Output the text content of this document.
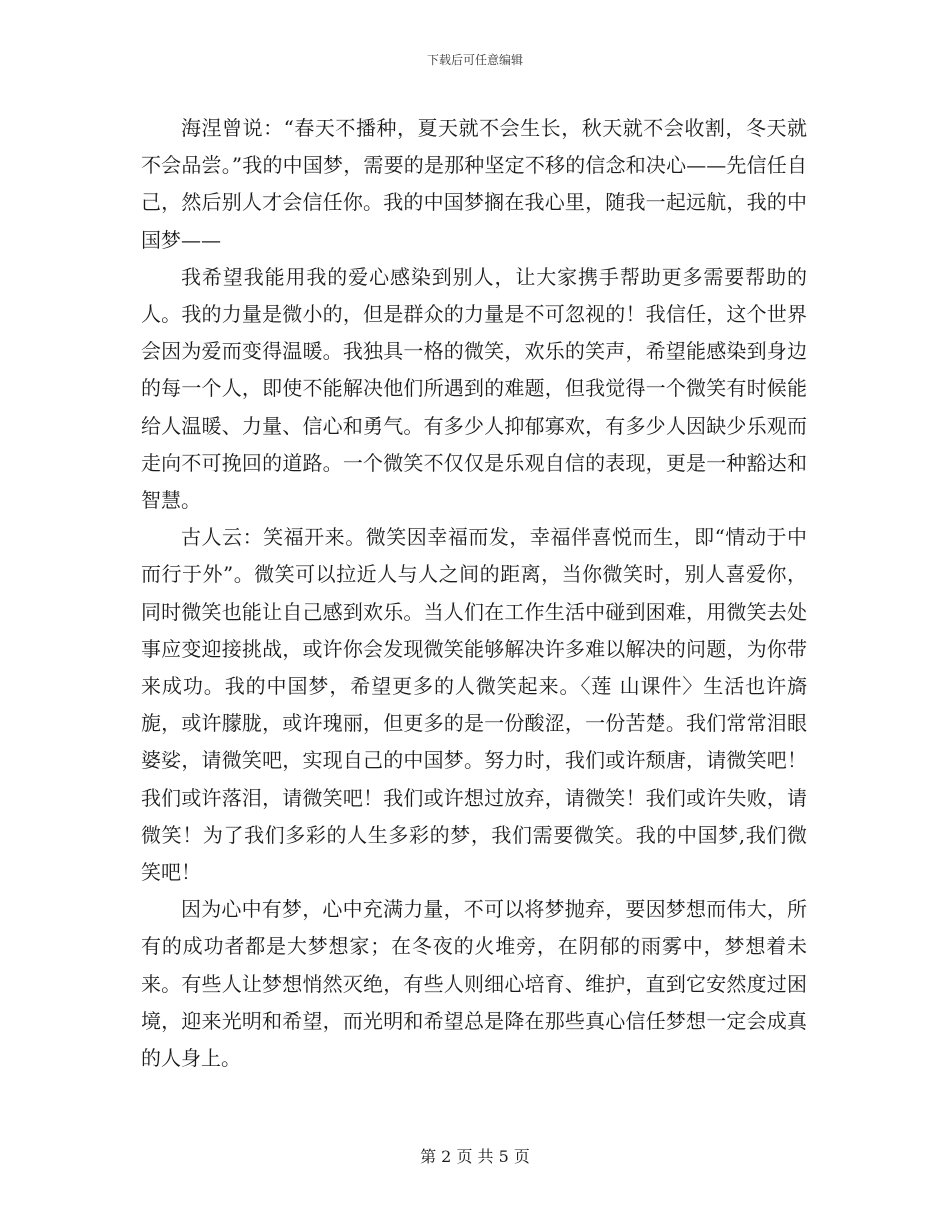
下载后可任意编辑

海涅曾说：“春天不播种，夏天就不会生长，秋天就不会收割，冬天就不会品尝。”我的中国梦，需要的是那种坚定不移的信念和决心——先信任自己，然后别人才会信任你。我的中国梦搁在我心里，随我一起远航，我的中国梦——

我希望我能用我的爱心感染到别人，让大家携手帮助更多需要帮助的人。我的力量是微小的，但是群众的力量是不可忽视的！我信任，这个世界会因为爱而变得温暖。我独具一格的微笑，欢乐的笑声，希望能感染到身边的每一个人，即使不能解决他们所遇到的难题，但我觉得一个微笑有时候能给人温暖、力量、信心和勇气。有多少人抑郁寡欢，有多少人因缺少乐观而走向不可挽回的道路。一个微笑不仅仅是乐观自信的表现，更是一种豁达和智慧。

古人云：笑福开来。微笑因幸福而发，幸福伴喜悦而生，即“情动于中而行于外”。微笑可以拉近人与人之间的距离，当你微笑时，别人喜爱你，同时微笑也能让自己感到欢乐。当人们在工作生活中碰到困难，用微笑去处事应变迎接挑战，或许你会发现微笑能够解决许多难以解决的问题，为你带来成功。我的中国梦，希望更多的人微笑起来。〈莲 山课件〉生活也许旖旎，或许朦胧，或许瑰丽，但更多的是一份酸涩，一份苦楚。我们常常泪眼婆娑，请微笑吧，实现自己的中国梦。努力时，我们或许颓唐，请微笑吧！我们或许落泪，请微笑吧！我们或许想过放弃，请微笑！我们或许失败，请微笑！为了我们多彩的人生多彩的梦，我们需要微笑。我的中国梦,我们微笑吧！

因为心中有梦，心中充满力量，不可以将梦抛弃，要因梦想而伟大，所有的成功者都是大梦想家；在冬夜的火堆旁，在阴郁的雨雾中，梦想着未来。有些人让梦想悄然灭绝，有些人则细心培育、维护，直到它安然度过困境，迎来光明和希望，而光明和希望总是降在那些真心信任梦想一定会成真的人身上。

第 2 页 共 5 页
